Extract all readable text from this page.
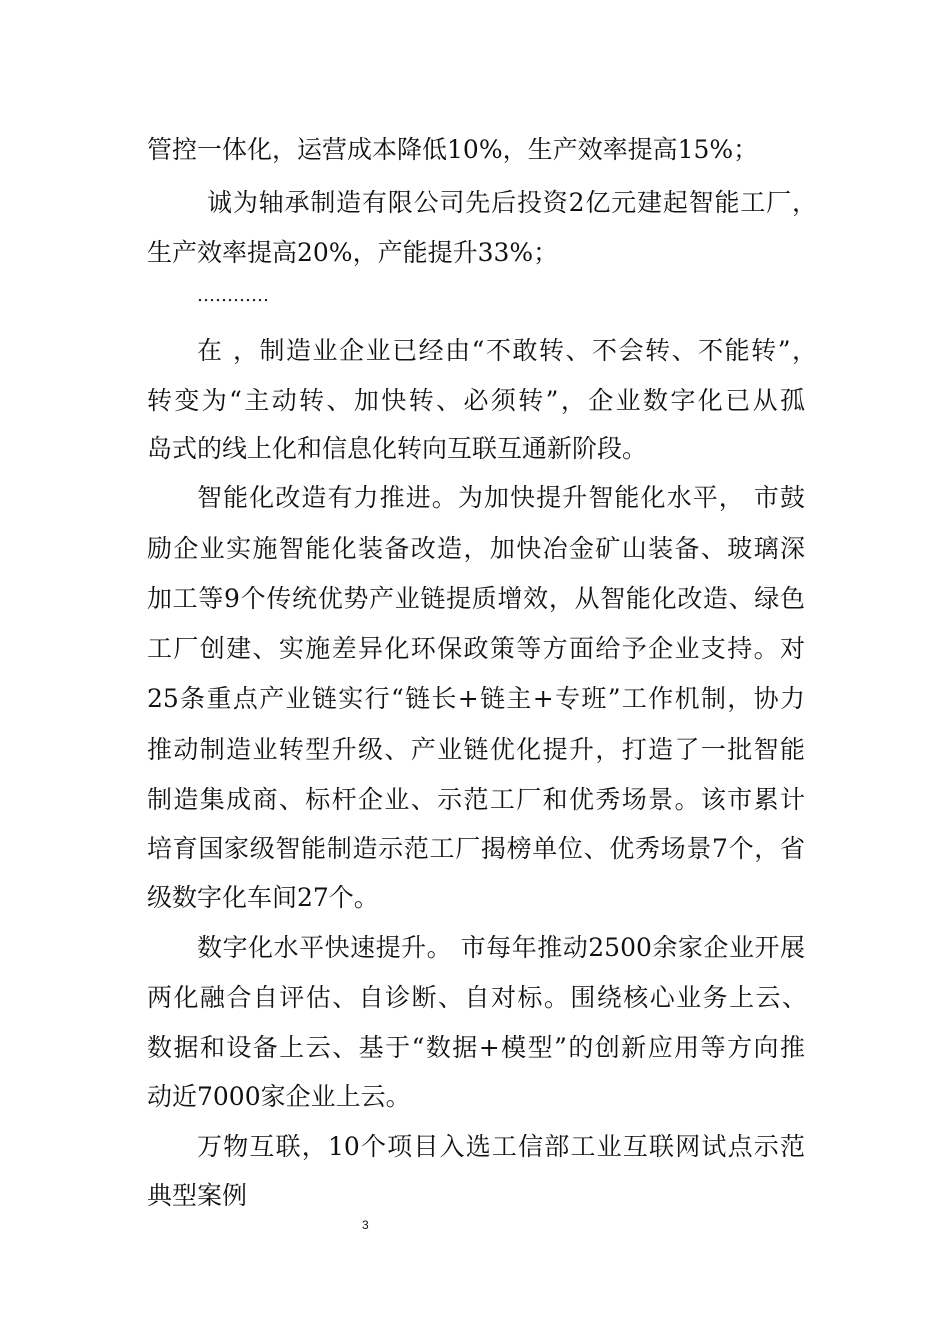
管控一体化，运营成本降低10%，生产效率提高15%；
诚为轴承制造有限公司先后投资2亿元建起智能工厂，
生产效率提高20%，产能提升33%；
…………
在 ，制造业企业已经由“不敢转、不会转、不能转”，
转变为“主动转、加快转、必须转”，企业数字化已从孤
岛式的线上化和信息化转向互联互通新阶段。
智能化改造有力推进。为加快提升智能化水平， 市鼓
励企业实施智能化装备改造，加快冶金矿山装备、玻璃深
加工等9个传统优势产业链提质增效，从智能化改造、绿色
工厂创建、实施差异化环保政策等方面给予企业支持。对
25条重点产业链实行“链长+链主+专班”工作机制，协力
推动制造业转型升级、产业链优化提升，打造了一批智能
制造集成商、标杆企业、示范工厂和优秀场景。该市累计
培育国家级智能制造示范工厂揭榜单位、优秀场景7个，省
级数字化车间27个。
数字化水平快速提升。 市每年推动2500余家企业开展
两化融合自评估、自诊断、自对标。围绕核心业务上云、
数据和设备上云、基于“数据+模型”的创新应用等方向推
动近7000家企业上云。
万物互联，10个项目入选工信部工业互联网试点示范
典型案例
3
